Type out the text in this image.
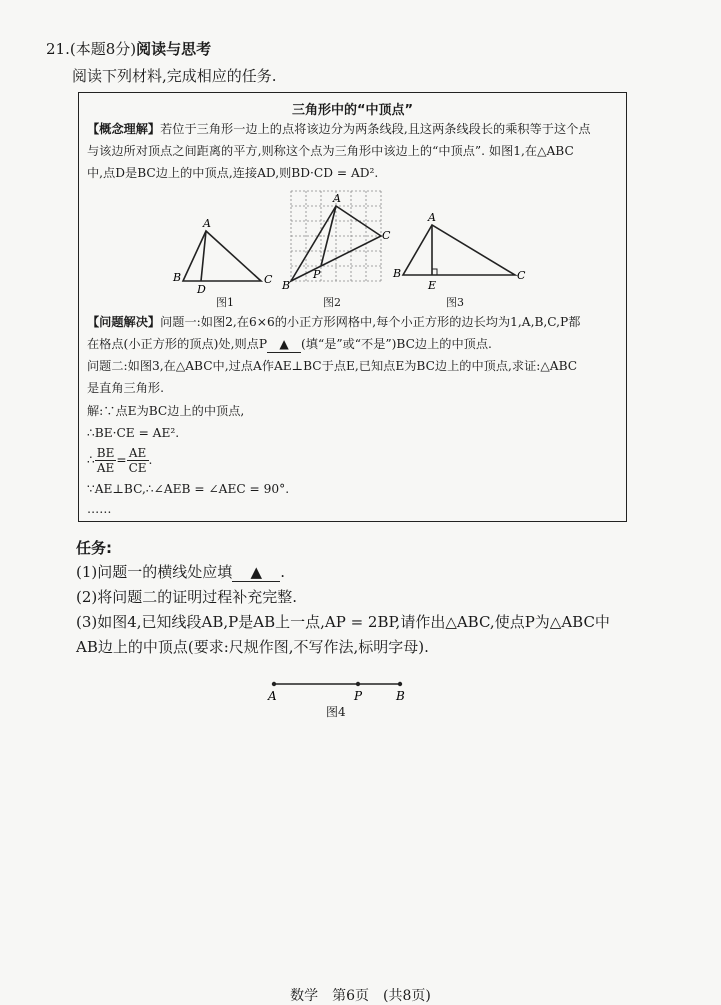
21.(本题8分)阅读与思考
阅读下列材料,完成相应的任务.
三角形中的“中顶点”
【概念理解】若位于三角形一边上的点将该边分为两条线段,且这两条线段长的乘积等于这个点
与该边所对顶点之间距离的平方,则称这个点为三角形中该边上的“中顶点”. 如图1,在△ABC
中,点D是BC边上的中顶点,连接AD,则BD·CD = AD².
A
B
D
C
图1
A
B
C
P
图2
A
B
E
C
图3
【问题解决】问题一:如图2,在6×6的小正方形网格中,每个小正方形的边长均为1,A,B,C,P都
在格点(小正方形的顶点)处,则点P ▲ (填“是”或“不是”)BC边上的中顶点.
问题二:如图3,在△ABC中,过点A作AE⊥BC于点E,已知点E为BC边上的中顶点,求证:△ABC
是直角三角形.
解:∵点E为BC边上的中顶点,
∴BE·CE = AE².
∴ $\frac{BE}{AE} = \frac{AE}{CE}$ .
∵AE⊥BC,∴∠AEB = ∠AEC = 90°.
……
任务:
(1)问题一的横线处应填 ▲ .
(2)将问题二的证明过程补充完整.
(3)如图4,已知线段AB,P是AB上一点,AP = 2BP,请作出△ABC,使点P为△ABC中
AB边上的中顶点(要求:尺规作图,不写作法,标明字母).
A	P	B
图4
数学　第6页　(共8页)
